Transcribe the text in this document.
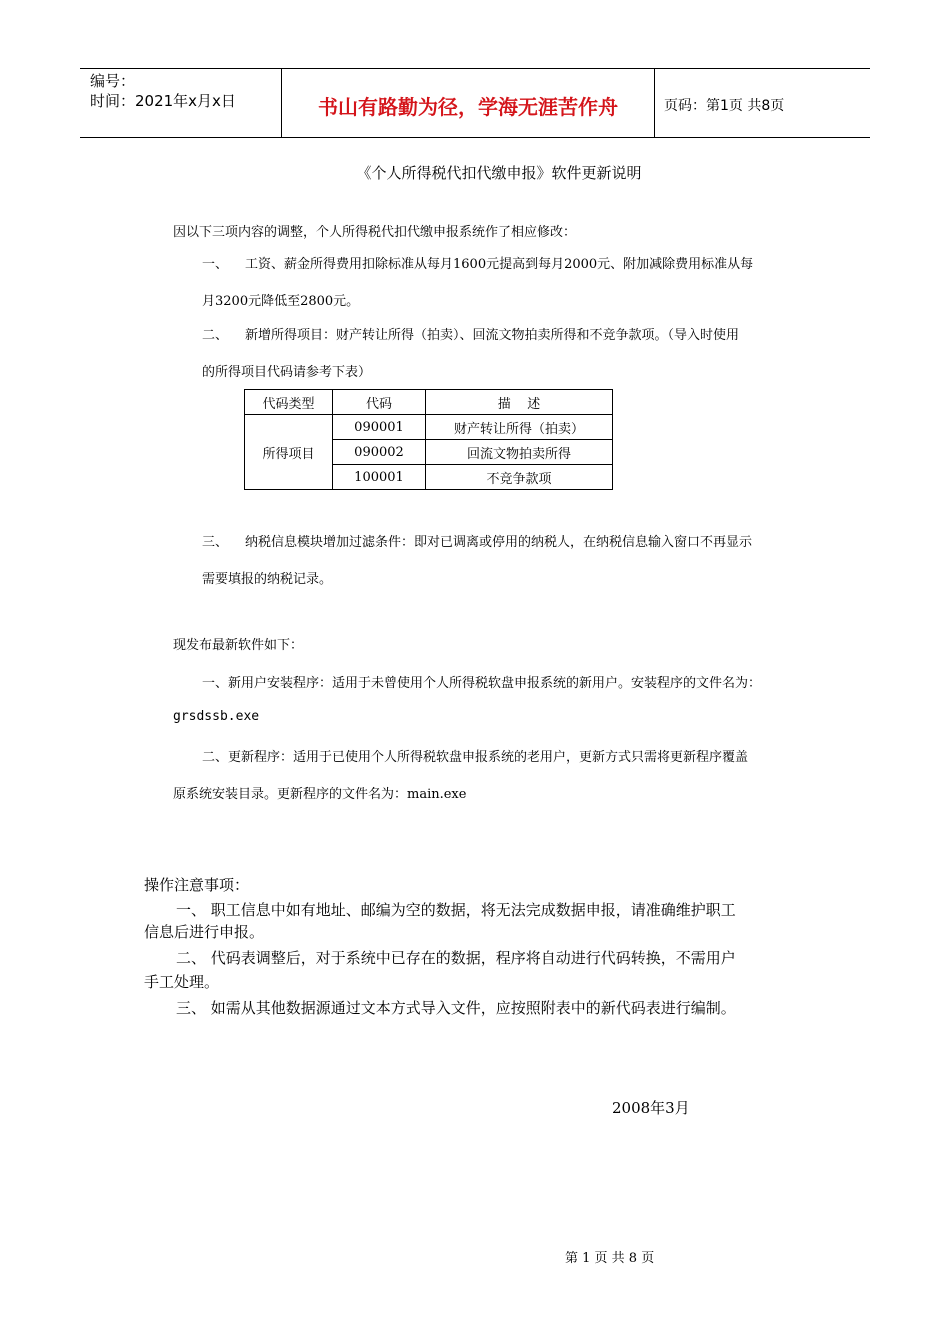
编号：
时间：2021年x月x日	书山有路勤为径，学海无涯苦作舟	页码：第1页 共8页
《个人所得税代扣代缴申报》软件更新说明
因以下三项内容的调整，个人所得税代扣代缴申报系统作了相应修改：
一、 工资、薪金所得费用扣除标准从每月1600元提高到每月2000元、附加减除费用标准从每
月3200元降低至2800元。
二、 新增所得项目：财产转让所得（拍卖）、回流文物拍卖所得和不竞争款项。（导入时使用
的所得项目代码请参考下表）
代码类型	代码	描    述
所得项目	090001	财产转让所得（拍卖）
	090002	回流文物拍卖所得
	100001	不竞争款项
三、 纳税信息模块增加过滤条件：即对已调离或停用的纳税人，在纳税信息输入窗口不再显示
需要填报的纳税记录。
现发布最新软件如下：
一、新用户安装程序：适用于未曾使用个人所得税软盘申报系统的新用户。安装程序的文件名为：
grsdssb.exe
二、更新程序：适用于已使用个人所得税软盘申报系统的老用户，更新方式只需将更新程序覆盖
原系统安装目录。更新程序的文件名为：main.exe
操作注意事项：
一、 职工信息中如有地址、邮编为空的数据，将无法完成数据申报，请准确维护职工
信息后进行申报。
二、 代码表调整后，对于系统中已存在的数据，程序将自动进行代码转换，不需用户
手工处理。
三、 如需从其他数据源通过文本方式导入文件，应按照附表中的新代码表进行编制。
2008年3月
第 1 页 共 8 页
